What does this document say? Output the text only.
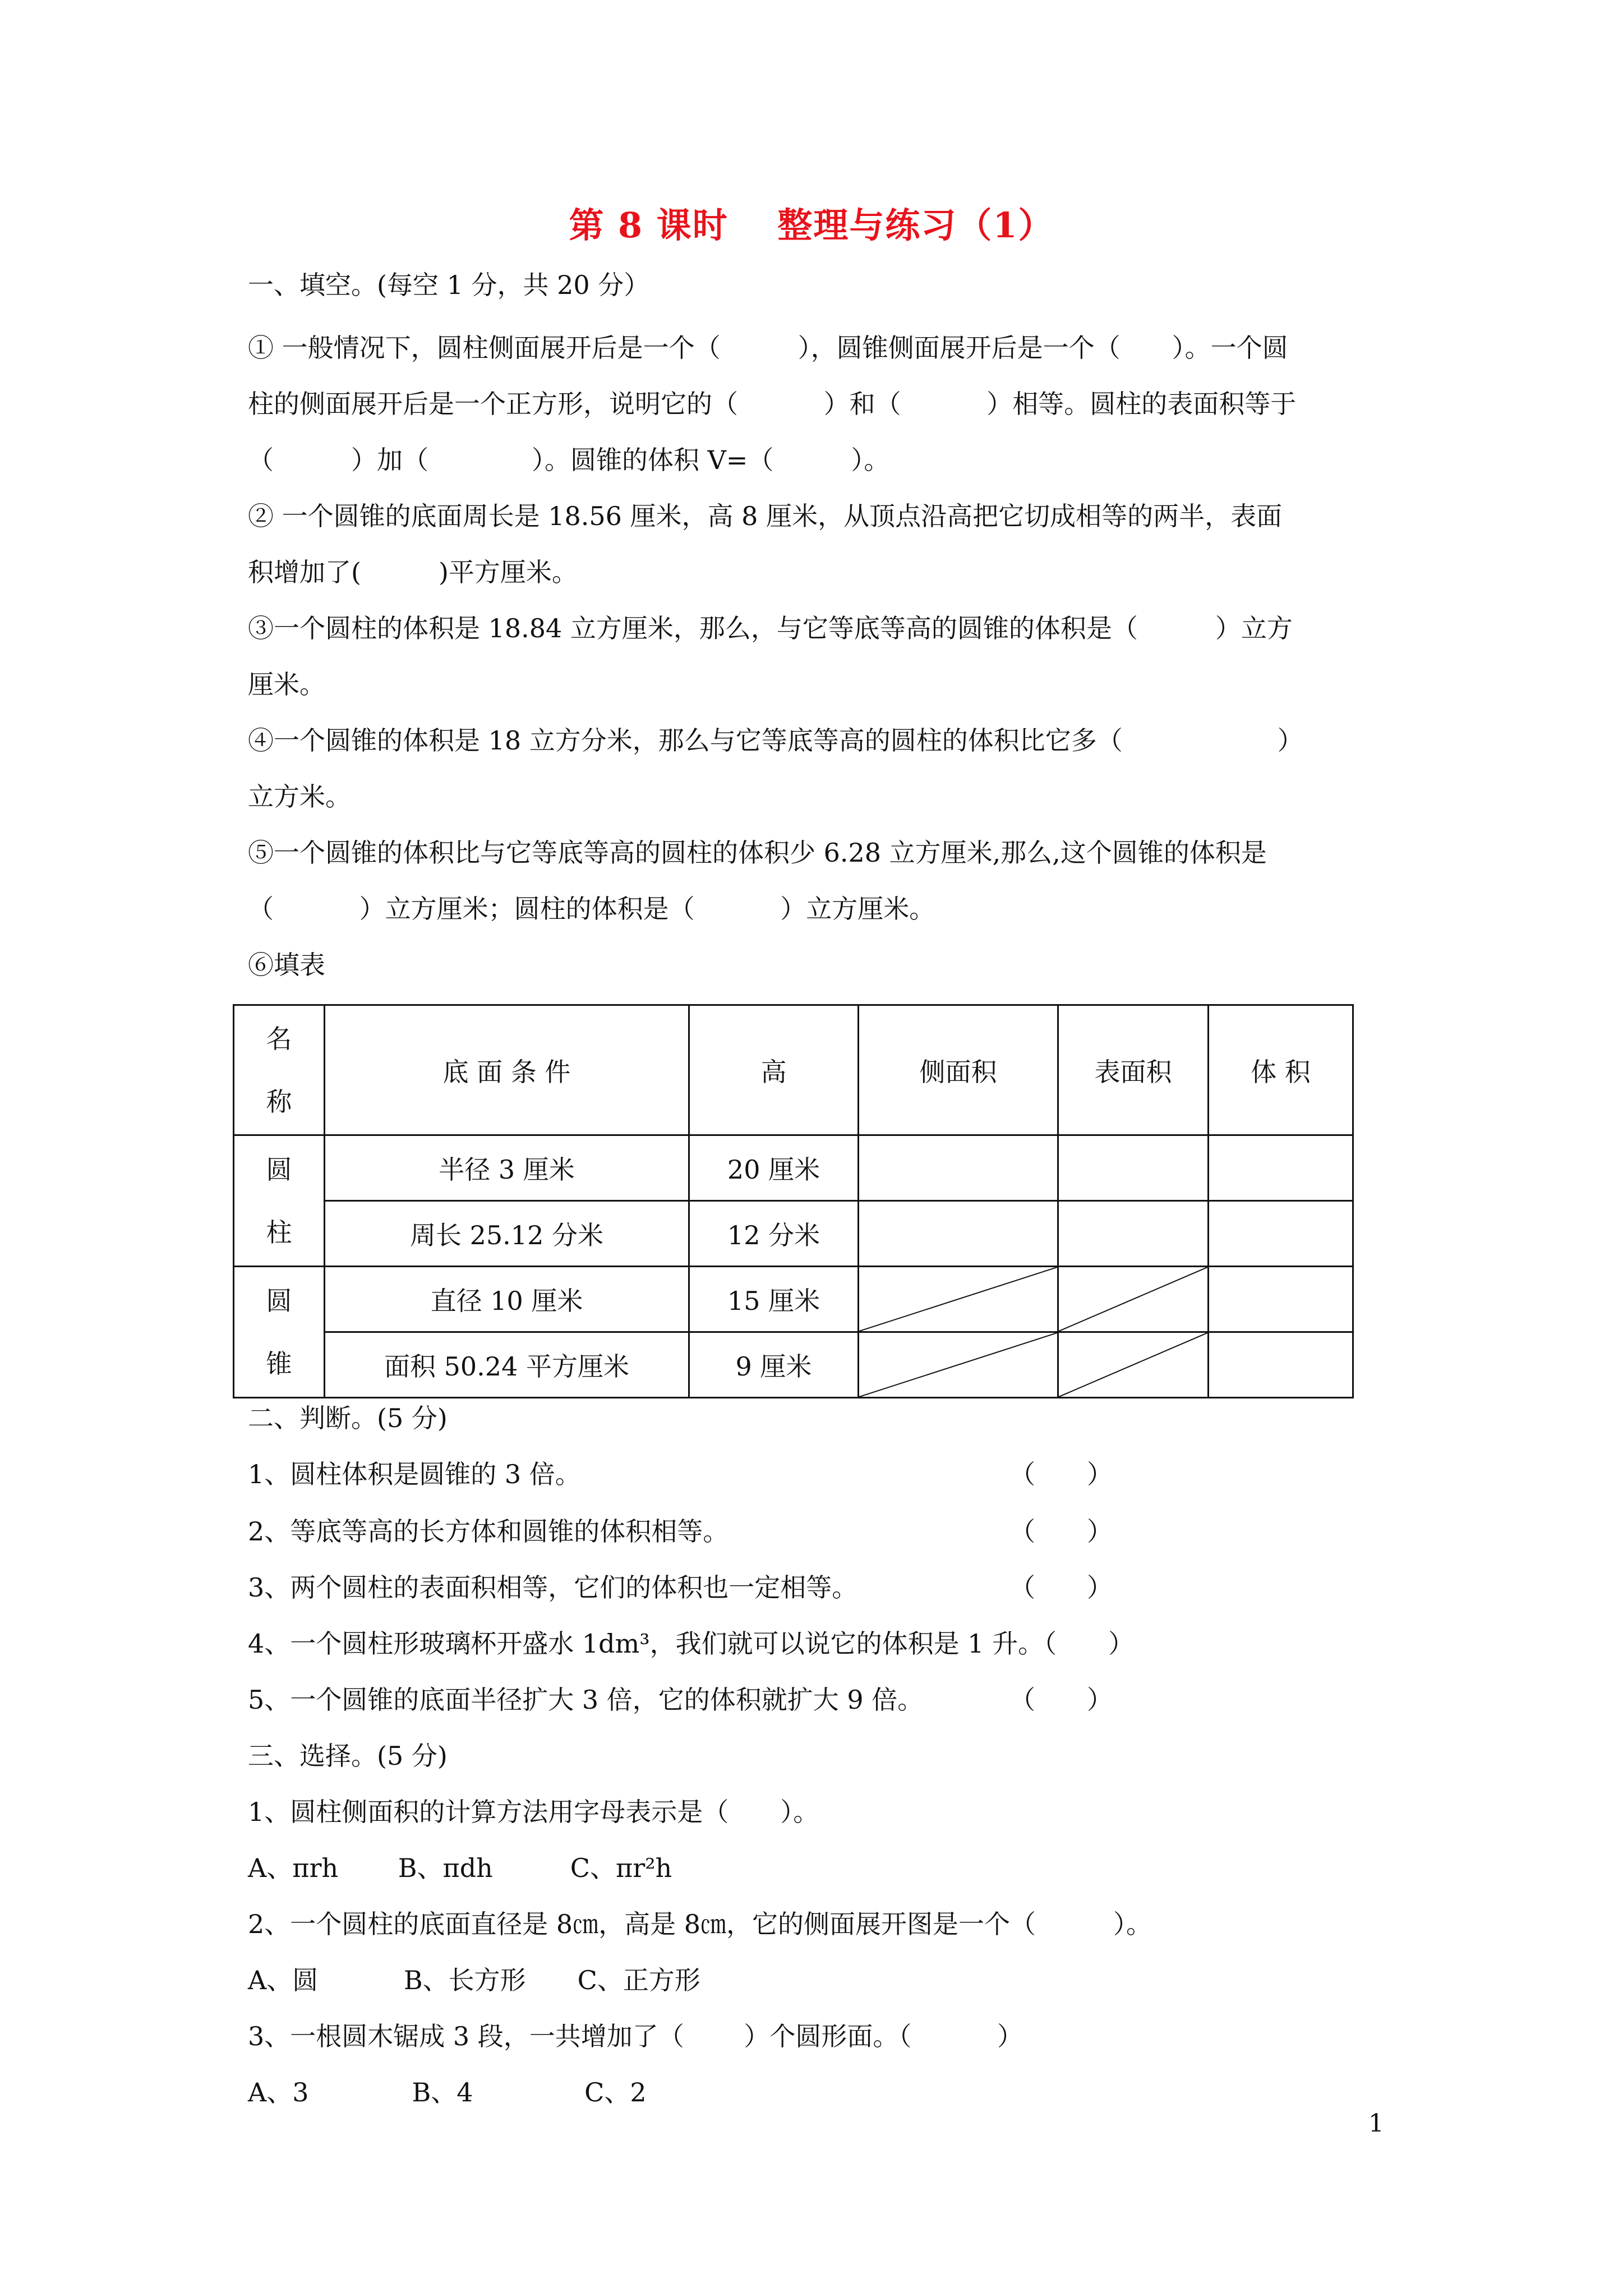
第 8 课时　 整理与练习（1）
一、填空。(每空 1 分，共 20 分）
① 一般情况下，圆柱侧面展开后是一个（　　　），圆锥侧面展开后是一个（　　）。一个圆
柱的侧面展开后是一个正方形，说明它的（　　　 ）和（　　　 ）相等。圆柱的表面积等于
（　　　）加（　　　　）。圆锥的体积 V=（　　　）。
② 一个圆锥的底面周长是 18.56 厘米，高 8 厘米，从顶点沿高把它切成相等的两半，表面
积增加了(　　　)平方厘米。
③一个圆柱的体积是 18.84 立方厘米，那么，与它等底等高的圆锥的体积是（　　　）立方
厘米。
④一个圆锥的体积是 18 立方分米，那么与它等底等高的圆柱的体积比它多（　　　　　　）
立方米。
⑤一个圆锥的体积比与它等底等高的圆柱的体积少 6.28 立方厘米,那么,这个圆锥的体积是
（　　　 ）立方厘米；圆柱的体积是（　　　 ）立方厘米。
⑥填表
名
称	底 面 条 件	高	侧面积	表面积	体 积

圆
柱	半径 3 厘米	20 厘米			
	周长 25.12 分米	12 分米			

圆
锥	直径 10 厘米	15 厘米	

	面积 50.24 平方厘米	9 厘米	

二、判断。(5 分)
1、圆柱体积是圆锥的 3 倍。	（　　）
2、等底等高的长方体和圆锥的体积相等。	（　　）
3、两个圆柱的表面积相等，它们的体积也一定相等。	（　　）
4、一个圆柱形玻璃杯开盛水 1dm³，我们就可以说它的体积是 1 升。（　　）
5、一个圆锥的底面半径扩大 3 倍，它的体积就扩大 9 倍。	（　　）
三、选择。(5 分)
1、圆柱侧面积的计算方法用字母表示是（　　）。
A、πrh　　 B、πdh　　　C、πr²h
2、一个圆柱的底面直径是 8㎝，高是 8㎝，它的侧面展开图是一个（　　　）。
A、圆　　　 B、长方形　　C、正方形
3、一根圆木锯成 3 段，一共增加了（　　 ）个圆形面。（　　　 ）
A、3　　　　B、4　　　　 C、2
1
